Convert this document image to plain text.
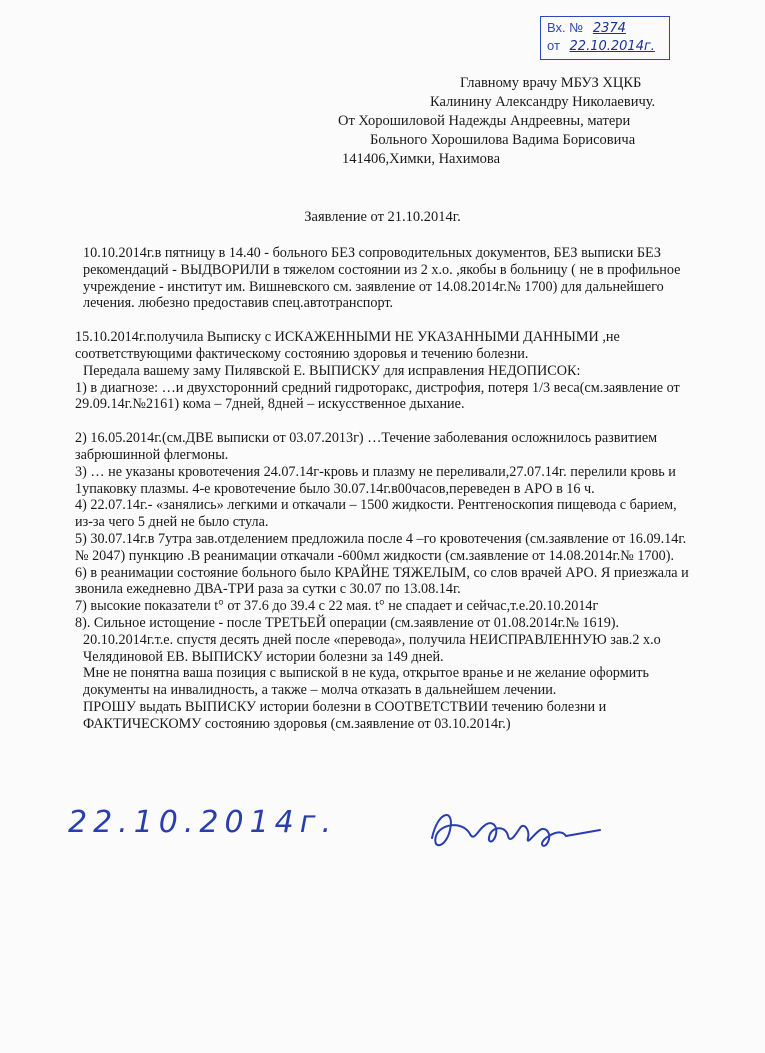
Вх. № 2374
от 22.10.2014г.
Главному врачу МБУЗ ХЦКБ
Калинину Александру Николаевичу.
От Хорошиловой Надежды Андреевны, матери
Больного Хорошилова Вадима Борисовича
141406,Химки, Нахимова
Заявление от 21.10.2014г.

10.10.2014г.в пятницу в 14.40 - больного БЕЗ сопроводительных документов, БЕЗ выписки БЕЗ рекомендаций - ВЫДВОРИЛИ в тяжелом состоянии из 2 х.о. ,якобы в больницу ( не в профильное учреждение - институт им. Вишневского см. заявление от 14.08.2014г.№ 1700) для дальнейшего лечения. любезно предоставив спец.автотранспорт.

15.10.2014г.получила Выписку с ИСКАЖЕННЫМИ НЕ УКАЗАННЫМИ ДАННЫМИ ,не соответствующими фактическому состоянию здоровья и течению болезни.

Передала вашему заму Пилявской Е. ВЫПИСКУ для исправления НЕДОПИСОК:

1) в диагнозе: …и двухсторонний средний гидроторакс, дистрофия, потеря 1/3 веса(см.заявление от 29.09.14г.№2161) кома – 7дней, 8дней – искусственное дыхание.

2) 16.05.2014г.(см.ДВЕ выписки от 03.07.2013г) …Течение заболевания осложнилось развитием забрюшинной флегмоны.

3) … не указаны кровотечения 24.07.14г-кровь и плазму не переливали,27.07.14г. перелили кровь и 1упаковку плазмы. 4-е кровотечение было 30.07.14г.в00часов,переведен в АРО в 16 ч.

4) 22.07.14г.- «занялись» легкими и откачали – 1500 жидкости. Рентгеноскопия пищевода с барием, из-за чего 5 дней не было стула.

5) 30.07.14г.в 7утра зав.отделением предложила после 4 –го кровотечения (см.заявление от 16.09.14г.№ 2047) пункцию .В реанимации откачали -600мл жидкости (см.заявление от 14.08.2014г.№ 1700).

6) в реанимации состояние больного было КРАЙНЕ ТЯЖЕЛЫМ, со слов врачей АРО. Я приезжала и звонила ежедневно ДВА-ТРИ раза за сутки с 30.07 по 13.08.14г.

7) высокие показатели t° от 37.6 до 39.4 с 22 мая. t° не спадает и сейчас,т.е.20.10.2014г

8). Сильное истощение - после ТРЕТЬЕЙ операции (см.заявление от 01.08.2014г.№ 1619).

20.10.2014г.т.е. спустя десять дней после «перевода», получила НЕИСПРАВЛЕННУЮ зав.2 х.о Челядиновой ЕВ. ВЫПИСКУ истории болезни за 149 дней.

Мне не понятна ваша позиция с выпиской в не куда, открытое вранье и не желание оформить документы на инвалидность, а также – молча отказать в дальнейшем лечении.

ПРОШУ выдать ВЫПИСКУ истории болезни в СООТВЕТСТВИИ течению болезни и ФАКТИЧЕСКОМУ состоянию здоровья (см.заявление от 03.10.2014г.)

22.10.2014г.
